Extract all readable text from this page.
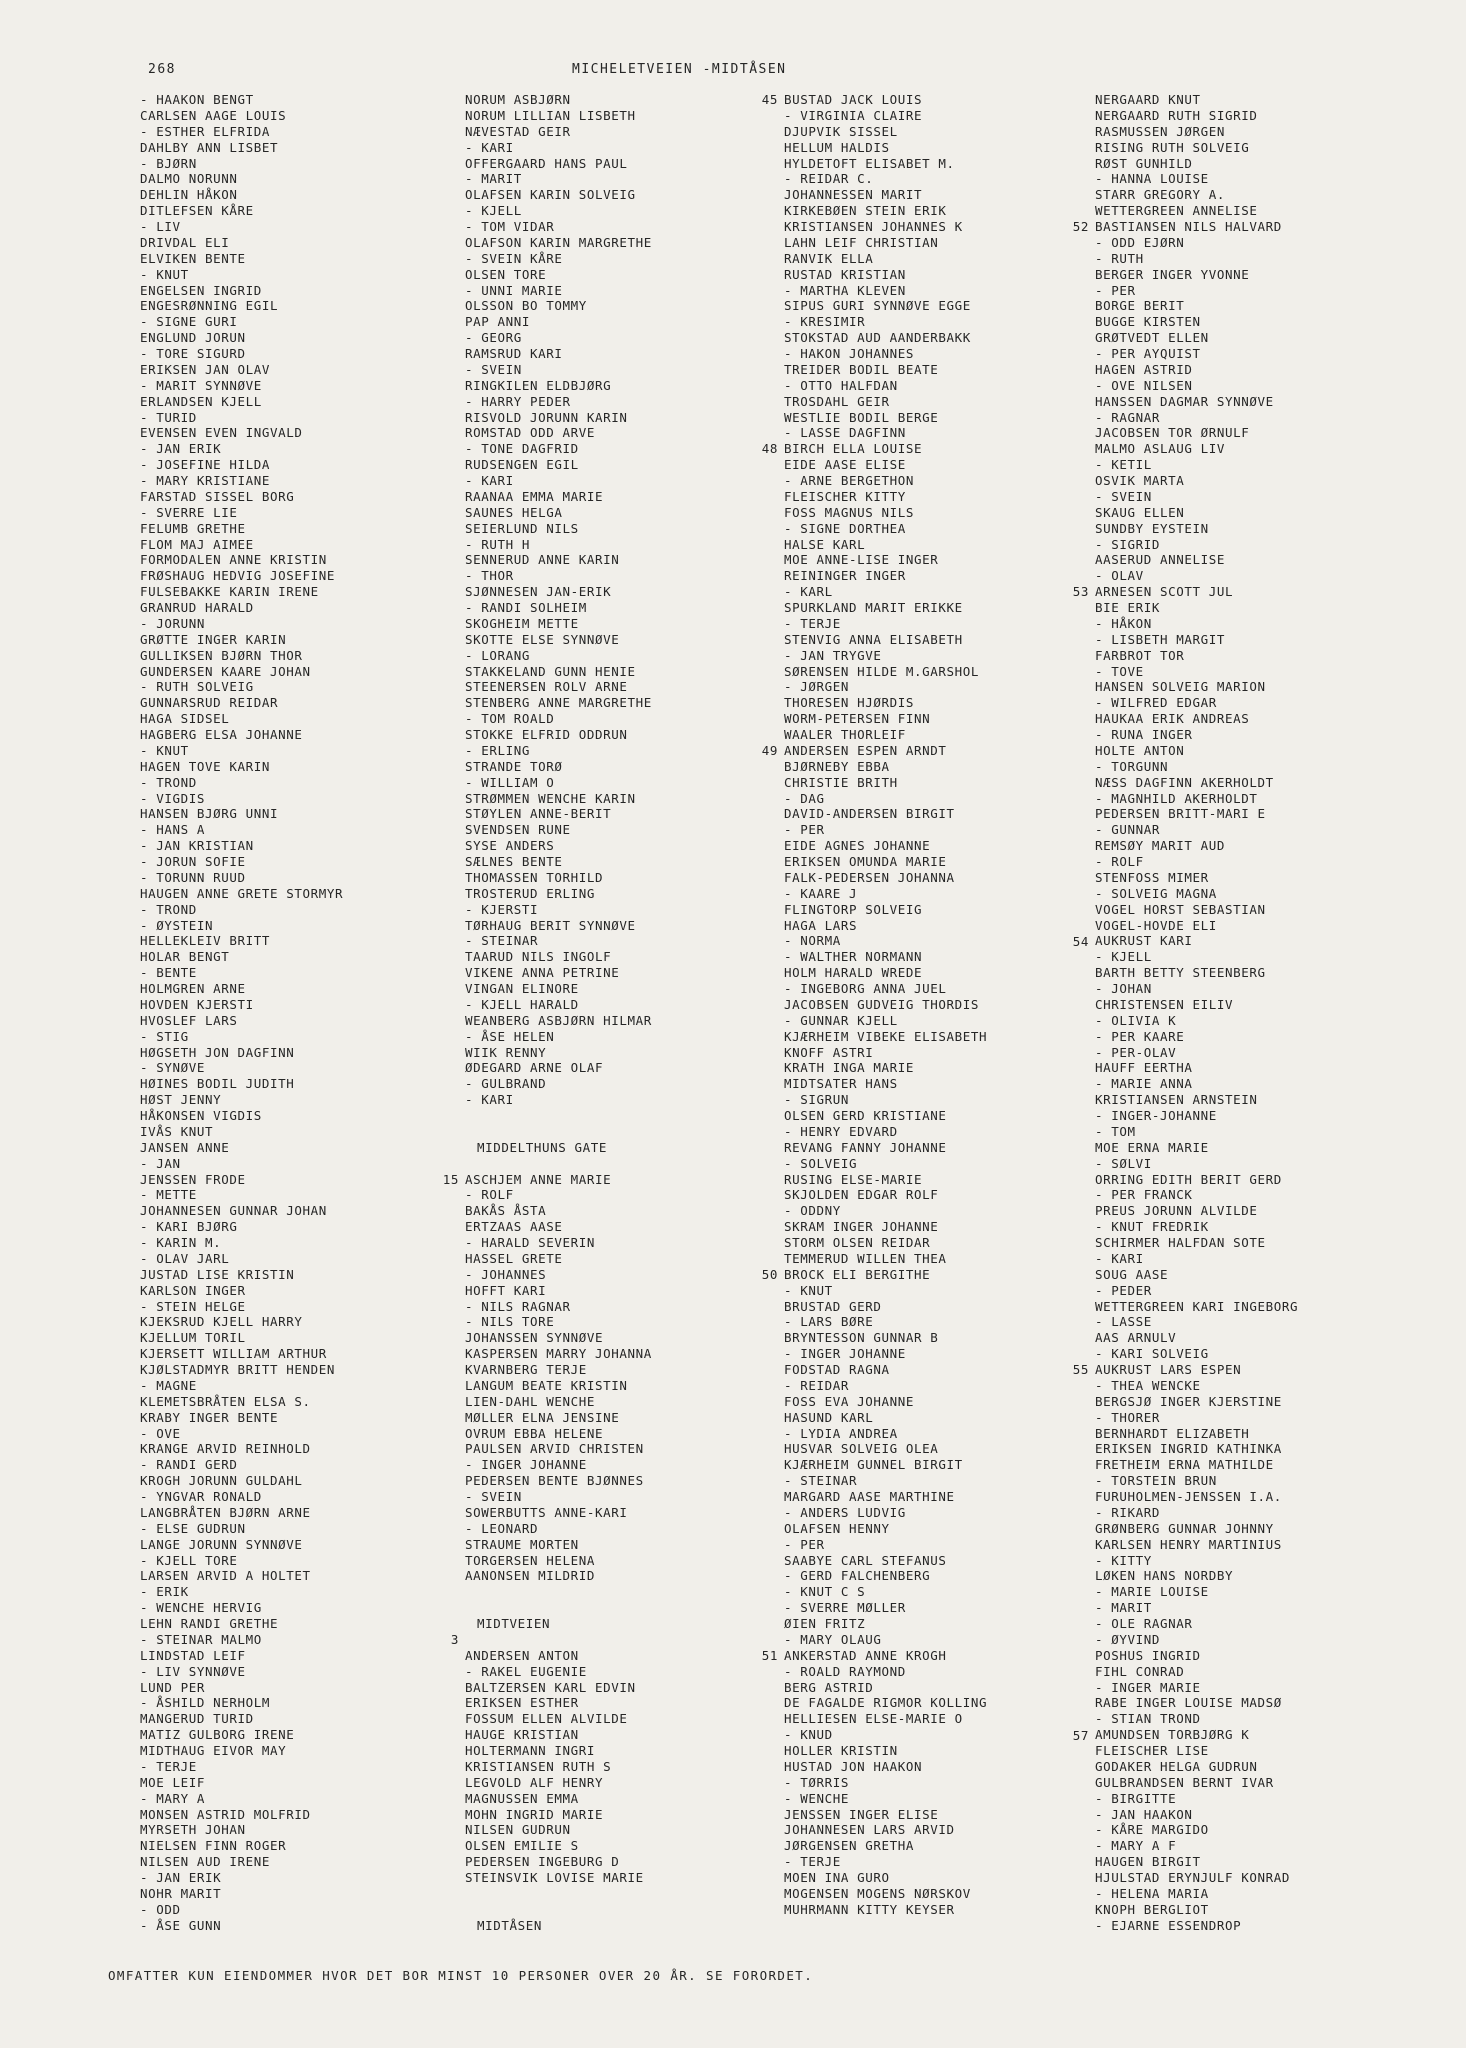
268	MICHELETVEIEN -MIDTÅSEN
- HAAKON BENGT
CARLSEN AAGE LOUIS
- ESTHER ELFRIDA
DAHLBY ANN LISBET
- BJØRN
DALMO NORUNN
DEHLIN HÅKON
DITLEFSEN KÅRE
- LIV
DRIVDAL ELI
ELVIKEN BENTE
- KNUT
ENGELSEN INGRID
ENGESRØNNING EGIL
- SIGNE GURI
ENGLUND JORUN
- TORE SIGURD
ERIKSEN JAN OLAV
- MARIT SYNNØVE
ERLANDSEN KJELL
- TURID
EVENSEN EVEN INGVALD
- JAN ERIK
- JOSEFINE HILDA
- MARY KRISTIANE
FARSTAD SISSEL BORG
- SVERRE LIE
FELUMB GRETHE
FLOM MAJ AIMEE
FORMODALEN ANNE KRISTIN
FRØSHAUG HEDVIG JOSEFINE
FULSEBAKKE KARIN IRENE
GRANRUD HARALD
- JORUNN
GRØTTE INGER KARIN
GULLIKSEN BJØRN THOR
GUNDERSEN KAARE JOHAN
- RUTH SOLVEIG
GUNNARSRUD REIDAR
HAGA SIDSEL
HAGBERG ELSA JOHANNE
- KNUT
HAGEN TOVE KARIN
- TROND
- VIGDIS
HANSEN BJØRG UNNI
- HANS A
- JAN KRISTIAN
- JORUN SOFIE
- TORUNN RUUD
HAUGEN ANNE GRETE STORMYR
- TROND
- ØYSTEIN
HELLEKLEIV BRITT
HOLAR BENGT
- BENTE
HOLMGREN ARNE
HOVDEN KJERSTI
HVOSLEF LARS
- STIG
HØGSETH JON DAGFINN
- SYNØVE
HØINES BODIL JUDITH
HØST JENNY
HÅKONSEN VIGDIS
IVÅS KNUT
JANSEN ANNE
- JAN
JENSSEN FRODE
- METTE
JOHANNESEN GUNNAR JOHAN
- KARI BJØRG
- KARIN M.
- OLAV JARL
JUSTAD LISE KRISTIN
KARLSON INGER
- STEIN HELGE
KJEKSRUD KJELL HARRY
KJELLUM TORIL
KJERSETT WILLIAM ARTHUR
KJØLSTADMYR BRITT HENDEN
- MAGNE
KLEMETSBRÅTEN ELSA S.
KRABY INGER BENTE
- OVE
KRANGE ARVID REINHOLD
- RANDI GERD
KROGH JORUNN GULDAHL
- YNGVAR RONALD
LANGBRÅTEN BJØRN ARNE
- ELSE GUDRUN
LANGE JORUNN SYNNØVE
- KJELL TORE
LARSEN ARVID A HOLTET
- ERIK
- WENCHE HERVIG
LEHN RANDI GRETHE
- STEINAR MALMO
LINDSTAD LEIF
- LIV SYNNØVE
LUND PER
- ÅSHILD NERHOLM
MANGERUD TURID
MATIZ GULBORG IRENE
MIDTHAUG EIVOR MAY
- TERJE
MOE LEIF
- MARY A
MONSEN ASTRID MOLFRID
MYRSETH JOHAN
NIELSEN FINN ROGER
NILSEN AUD IRENE
- JAN ERIK
NOHR MARIT
- ODD
- ÅSE GUNN
NORUM ASBJØRN
NORUM LILLIAN LISBETH
NÆVESTAD GEIR
- KARI
OFFERGAARD HANS PAUL
- MARIT
OLAFSEN KARIN SOLVEIG
- KJELL
- TOM VIDAR
OLAFSON KARIN MARGRETHE
- SVEIN KÅRE
OLSEN TORE
- UNNI MARIE
OLSSON BO TOMMY
PAP ANNI
- GEORG
RAMSRUD KARI
- SVEIN
RINGKILEN ELDBJØRG
- HARRY PEDER
RISVOLD JORUNN KARIN
ROMSTAD ODD ARVE
- TONE DAGFRID
RUDSENGEN EGIL
- KARI
RAANAA EMMA MARIE
SAUNES HELGA
SEIERLUND NILS
- RUTH H
SENNERUD ANNE KARIN
- THOR
SJØNNESEN JAN-ERIK
- RANDI SOLHEIM
SKOGHEIM METTE
SKOTTE ELSE SYNNØVE
- LORANG
STAKKELAND GUNN HENIE
STEENERSEN ROLV ARNE
STENBERG ANNE MARGRETHE
- TOM ROALD
STOKKE ELFRID ODDRUN
- ERLING
STRANDE TORØ
- WILLIAM O
STRØMMEN WENCHE KARIN
STØYLEN ANNE-BERIT
SVENDSEN RUNE
SYSE ANDERS
SÆLNES BENTE
THOMASSEN TORHILD
TROSTERUD ERLING
- KJERSTI
TØRHAUG BERIT SYNNØVE
- STEINAR
TAARUD NILS INGOLF
VIKENE ANNA PETRINE
VINGAN ELINORE
- KJELL HARALD
WEANBERG ASBJØRN HILMAR
- ÅSE HELEN
WIIK RENNY
ØDEGARD ARNE OLAF
- GULBRAND
- KARI
MIDDELTHUNS GATE
ASCHJEM ANNE MARIE
- ROLF
BAKÅS ÅSTA
ERTZAAS AASE
- HARALD SEVERIN
HASSEL GRETE
- JOHANNES
HOFFT KARI
- NILS RAGNAR
- NILS TORE
JOHANSSEN SYNNØVE
KASPERSEN MARRY JOHANNA
KVARNBERG TERJE
LANGUM BEATE KRISTIN
LIEN-DAHL WENCHE
MØLLER ELNA JENSINE
OVRUM EBBA HELENE
PAULSEN ARVID CHRISTEN
- INGER JOHANNE
PEDERSEN BENTE BJØNNES
- SVEIN
SOWERBUTTS ANNE-KARI
- LEONARD
STRAUME MORTEN
TORGERSEN HELENA
AANONSEN MILDRID
MIDTVEIEN
ANDERSEN ANTON
- RAKEL EUGENIE
BALTZERSEN KARL EDVIN
ERIKSEN ESTHER
FOSSUM ELLEN ALVILDE
HAUGE KRISTIAN
HOLTERMANN INGRI
KRISTIANSEN RUTH S
LEGVOLD ALF HENRY
MAGNUSSEN EMMA
MOHN INGRID MARIE
NILSEN GUDRUN
OLSEN EMILIE S
PEDERSEN INGEBURG D
STEINSVIK LOVISE MARIE
MIDTÅSEN
BUSTAD JACK LOUIS
- VIRGINIA CLAIRE
DJUPVIK SISSEL
HELLUM HALDIS
HYLDETOFT ELISABET M.
- REIDAR C.
JOHANNESSEN MARIT
KIRKEBØEN STEIN ERIK
KRISTIANSEN JOHANNES K
LAHN LEIF CHRISTIAN
RANVIK ELLA
RUSTAD KRISTIAN
- MARTHA KLEVEN
SIPUS GURI SYNNØVE EGGE
- KRESIMIR
STOKSTAD AUD AANDERBAKK
- HAKON JOHANNES
TREIDER BODIL BEATE
- OTTO HALFDAN
TROSDAHL GEIR
WESTLIE BODIL BERGE
- LASSE DAGFINN
BIRCH ELLA LOUISE
EIDE AASE ELISE
- ARNE BERGETHON
FLEISCHER KITTY
FOSS MAGNUS NILS
- SIGNE DORTHEA
HALSE KARL
MOE ANNE-LISE INGER
REININGER INGER
- KARL
SPURKLAND MARIT ERIKKE
- TERJE
STENVIG ANNA ELISABETH
- JAN TRYGVE
SØRENSEN HILDE M.GARSHOL
- JØRGEN
THORESEN HJØRDIS
WORM-PETERSEN FINN
WAALER THORLEIF
ANDERSEN ESPEN ARNDT
BJØRNEBY EBBA
CHRISTIE BRITH
- DAG
DAVID-ANDERSEN BIRGIT
- PER
EIDE AGNES JOHANNE
ERIKSEN OMUNDA MARIE
FALK-PEDERSEN JOHANNA
- KAARE J
FLINGTORP SOLVEIG
HAGA LARS
- NORMA
- WALTHER NORMANN
HOLM HARALD WREDE
- INGEBORG ANNA JUEL
JACOBSEN GUDVEIG THORDIS
- GUNNAR KJELL
KJÆRHEIM VIBEKE ELISABETH
KNOFF ASTRI
KRATH INGA MARIE
MIDTSATER HANS
- SIGRUN
OLSEN GERD KRISTIANE
- HENRY EDVARD
REVANG FANNY JOHANNE
- SOLVEIG
RUSING ELSE-MARIE
SKJOLDEN EDGAR ROLF
- ODDNY
SKRAM INGER JOHANNE
STORM OLSEN REIDAR
TEMMERUD WILLEN THEA
BROCK ELI BERGITHE
- KNUT
BRUSTAD GERD
- LARS BØRE
BRYNTESSON GUNNAR B
- INGER JOHANNE
FODSTAD RAGNA
- REIDAR
FOSS EVA JOHANNE
HASUND KARL
- LYDIA ANDREA
HUSVAR SOLVEIG OLEA
KJÆRHEIM GUNNEL BIRGIT
- STEINAR
MARGARD AASE MARTHINE
- ANDERS LUDVIG
OLAFSEN HENNY
- PER
SAABYE CARL STEFANUS
- GERD FALCHENBERG
- KNUT C S
- SVERRE MØLLER
ØIEN FRITZ
- MARY OLAUG
ANKERSTAD ANNE KROGH
- ROALD RAYMOND
BERG ASTRID
DE FAGALDE RIGMOR KOLLING
HELLIESEN ELSE-MARIE O
- KNUD
HOLLER KRISTIN
HUSTAD JON HAAKON
- TØRRIS
- WENCHE
JENSSEN INGER ELISE
JOHANNESEN LARS ARVID
JØRGENSEN GRETHA
- TERJE
MOEN INA GURO
MOGENSEN MOGENS NØRSKOV
MUHRMANN KITTY KEYSER
NERGAARD KNUT
NERGAARD RUTH SIGRID
RASMUSSEN JØRGEN
RISING RUTH SOLVEIG
RØST GUNHILD
- HANNA LOUISE
STARR GREGORY A.
WETTERGREEN ANNELISE
BASTIANSEN NILS HALVARD
- ODD EJØRN
- RUTH
BERGER INGER YVONNE
- PER
BORGE BERIT
BUGGE KIRSTEN
GRØTVEDT ELLEN
- PER AYQUIST
HAGEN ASTRID
- OVE NILSEN
HANSSEN DAGMAR SYNNØVE
- RAGNAR
JACOBSEN TOR ØRNULF
MALMO ASLAUG LIV
- KETIL
OSVIK MARTA
- SVEIN
SKAUG ELLEN
SUNDBY EYSTEIN
- SIGRID
AASERUD ANNELISE
- OLAV
ARNESEN SCOTT JUL
BIE ERIK
- HÅKON
- LISBETH MARGIT
FARBROT TOR
- TOVE
HANSEN SOLVEIG MARION
- WILFRED EDGAR
HAUKAA ERIK ANDREAS
- RUNA INGER
HOLTE ANTON
- TORGUNN
NÆSS DAGFINN AKERHOLDT
- MAGNHILD AKERHOLDT
PEDERSEN BRITT-MARI E
- GUNNAR
REMSØY MARIT AUD
- ROLF
STENFOSS MIMER
- SOLVEIG MAGNA
VOGEL HORST SEBASTIAN
VOGEL-HOVDE ELI
AUKRUST KARI
- KJELL
BARTH BETTY STEENBERG
- JOHAN
CHRISTENSEN EILIV
- OLIVIA K
- PER KAARE
- PER-OLAV
HAUFF EERTHA
- MARIE ANNA
KRISTIANSEN ARNSTEIN
- INGER-JOHANNE
- TOM
MOE ERNA MARIE
- SØLVI
ORRING EDITH BERIT GERD
- PER FRANCK
PREUS JORUNN ALVILDE
- KNUT FREDRIK
SCHIRMER HALFDAN SOTE
- KARI
SOUG AASE
- PEDER
WETTERGREEN KARI INGEBORG
- LASSE
AAS ARNULV
- KARI SOLVEIG
AUKRUST LARS ESPEN
- THEA WENCKE
BERGSJØ INGER KJERSTINE
- THORER
BERNHARDT ELIZABETH
ERIKSEN INGRID KATHINKA
FRETHEIM ERNA MATHILDE
- TORSTEIN BRUN
FURUHOLMEN-JENSSEN I.A.
- RIKARD
GRØNBERG GUNNAR JOHNNY
KARLSEN HENRY MARTINIUS
- KITTY
LØKEN HANS NORDBY
- MARIE LOUISE
- MARIT
- OLE RAGNAR
- ØYVIND
POSHUS INGRID
FIHL CONRAD
- INGER MARIE
RABE INGER LOUISE MADSØ
- STIAN TROND
AMUNDSEN TORBJØRG K
FLEISCHER LISE
GODAKER HELGA GUDRUN
GULBRANDSEN BERNT IVAR
- BIRGITTE
- JAN HAAKON
- KÅRE MARGIDO
- MARY A F
HAUGEN BIRGIT
HJULSTAD ERYNJULF KONRAD
- HELENA MARIA
KNOPH BERGLIOT
- EJARNE ESSENDROP
15
3
45
48
49
50
51
52
53
54
55
57
OMFATTER KUN EIENDOMMER HVOR DET BOR MINST 10 PERSONER OVER 20 ÅR. SE FORORDET.
